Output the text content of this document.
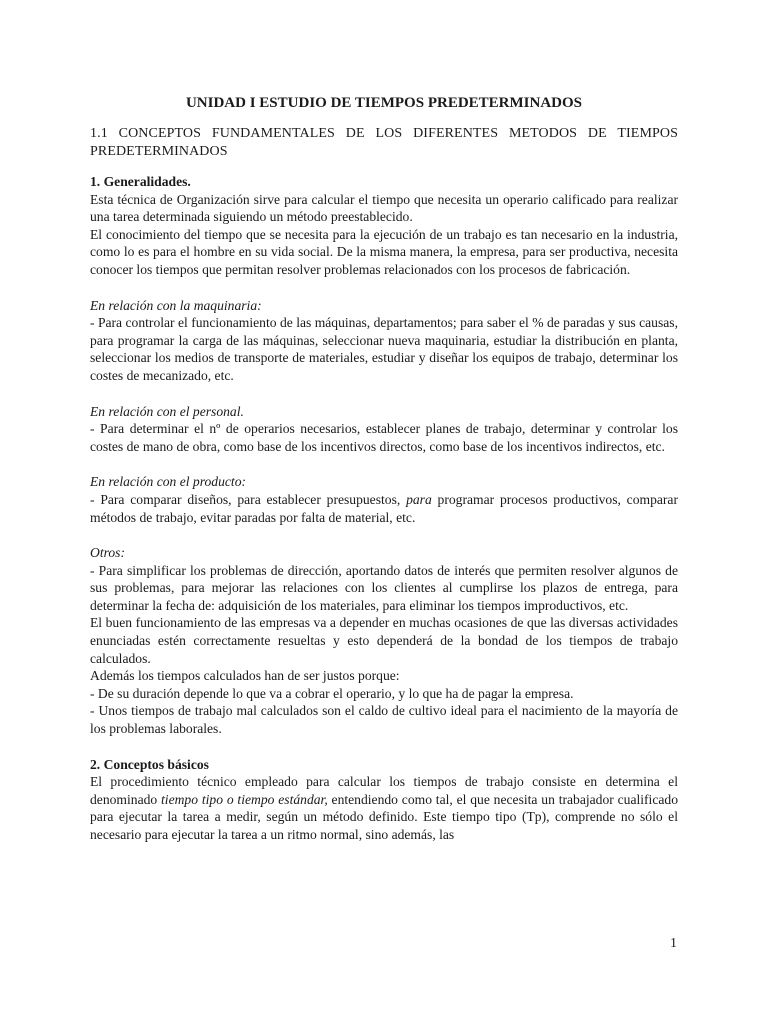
UNIDAD I ESTUDIO DE TIEMPOS PREDETERMINADOS
1.1 CONCEPTOS FUNDAMENTALES DE LOS DIFERENTES METODOS DE TIEMPOS PREDETERMINADOS

1. Generalidades.

Esta técnica de Organización sirve para calcular el tiempo que necesita un operario calificado para realizar una tarea determinada siguiendo un método preestablecido.

El conocimiento del tiempo que se necesita para la ejecución de un trabajo es tan necesario en la industria, como lo es para el hombre en su vida social. De la misma manera, la empresa, para ser productiva, necesita conocer los tiempos que permitan resolver problemas relacionados con los procesos de fabricación.

En relación con la maquinaria:

- Para controlar el funcionamiento de las máquinas, departamentos; para saber el % de paradas y sus causas, para programar la carga de las máquinas, seleccionar nueva maquinaria, estudiar la distribución en planta, seleccionar los medios de transporte de materiales, estudiar y diseñar los equipos de trabajo, determinar los costes de mecanizado, etc.

En relación con el personal.

- Para determinar el nº de operarios necesarios, establecer planes de trabajo, determinar y controlar los costes de mano de obra, como base de los incentivos directos, como base de los incentivos indirectos, etc.

En relación con el producto:

- Para comparar diseños, para establecer presupuestos, para programar procesos productivos, comparar métodos de trabajo, evitar paradas por falta de material, etc.

Otros:

- Para simplificar los problemas de dirección, aportando datos de interés que permiten resolver algunos de sus problemas, para mejorar las relaciones con los clientes al cumplirse los plazos de entrega, para determinar la fecha de: adquisición de los materiales, para eliminar los tiempos improductivos, etc.

El buen funcionamiento de las empresas va a depender en muchas ocasiones de que las diversas actividades enunciadas estén correctamente resueltas y esto dependerá de la bondad de los tiempos de trabajo calculados.

Además los tiempos calculados han de ser justos porque:

- De su duración depende lo que va a cobrar el operario, y lo que ha de pagar la empresa.

- Unos tiempos de trabajo mal calculados son el caldo de cultivo ideal para el nacimiento de la mayoría de los problemas laborales.

2. Conceptos básicos

El procedimiento técnico empleado para calcular los tiempos de trabajo consiste en determina el denominado tiempo tipo o tiempo estándar, entendiendo como tal, el que necesita un trabajador cualificado para ejecutar la tarea a medir, según un método definido. Este tiempo tipo (Tp), comprende no sólo el necesario para ejecutar la tarea a un ritmo normal, sino además, las

1
